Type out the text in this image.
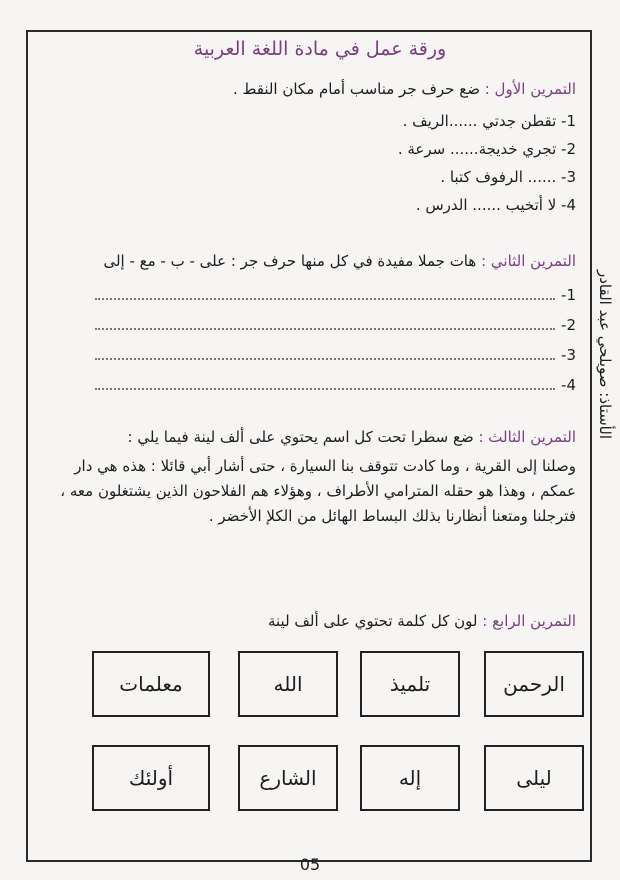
ورقة عمل في مادة اللغة العربية
التمرين الأول : ضع حرف جر مناسب أمام مكان النقط .
1- تقطن جدتي ......الريف .
2- تجري خديجة...... سرعة .
3- ...... الرفوف كتبا .
4- لا أتخيب ...... الدرس .
التمرين الثاني : هات جملا مفيدة في كل منها حرف جر : على - ب - مع - إلى
1-
2-
3-
4-
التمرين الثالث : ضع سطرا تحت كل اسم يحتوي على ألف لينة فيما يلي :
وصلنا إلى القرية ، وما كادت تتوقف بنا السيارة ، حتى أشار أبي قائلا : هذه هي دار عمكم ، وهذا هو حقله المترامي الأطراف ، وهؤلاء هم الفلاحون الذين يشتغلون معه ، فترجلنا ومتعنا أنظارنا بذلك البساط الهائل من الكلإ الأخضر .
التمرين الرابع : لون كل كلمة تحتوي على ألف لينة
الرحمن
تلميذ
الله
معلمات
ليلى
إله
الشارع
أولئك
الأستاذ: صويلحي عبد القادر
05
